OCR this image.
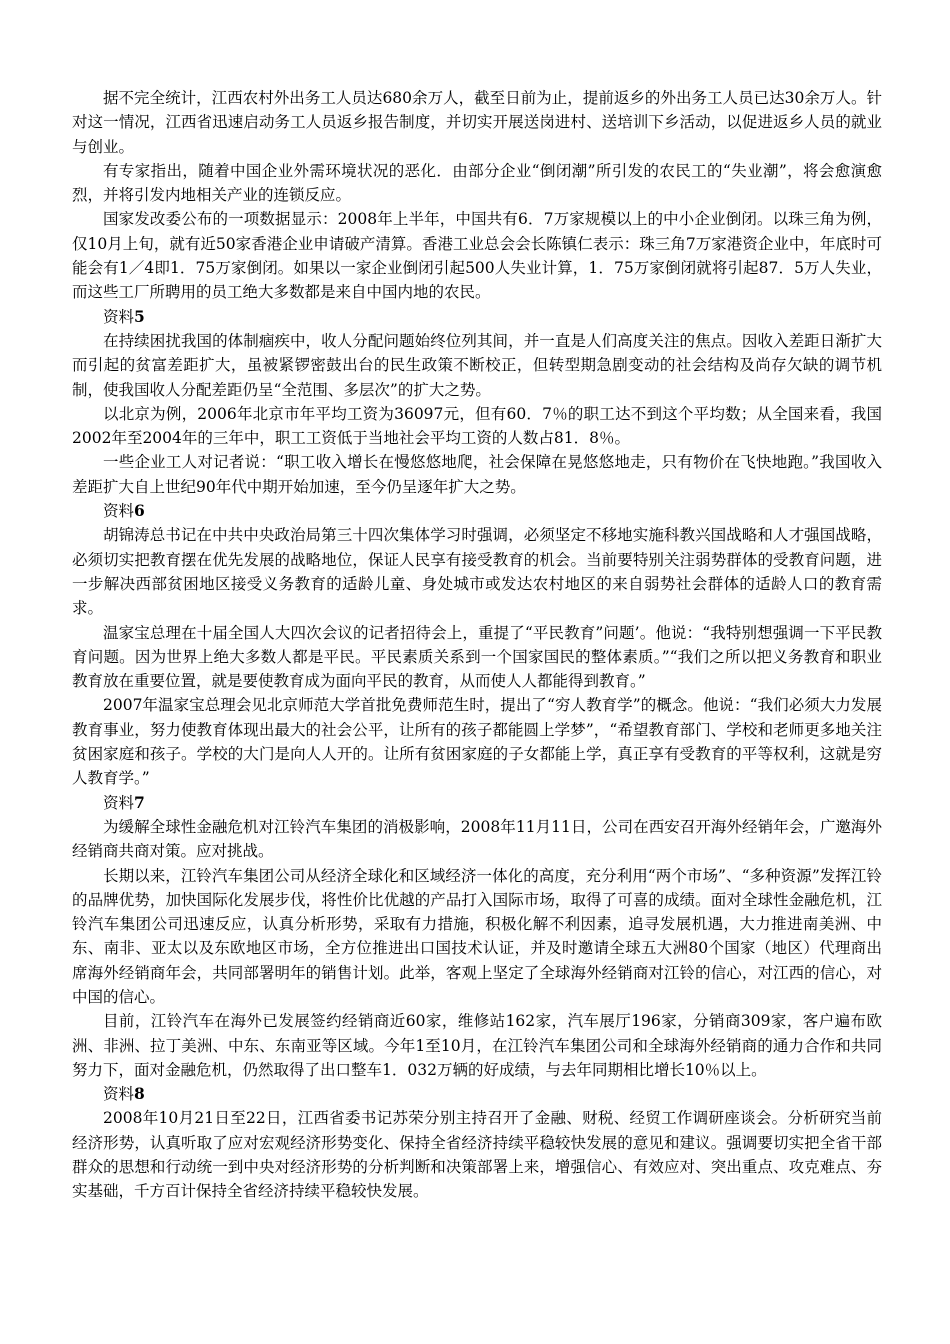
据不完全统计，江西农村外出务工人员达680余万人，截至日前为止，提前返乡的外出务工人员已达30余万人。针对这一情况，江西省迅速启动务工人员返乡报告制度，并切实开展送岗进村、送培训下乡活动，以促进返乡人员的就业与创业。

有专家指出，随着中国企业外需环境状况的恶化．由部分企业“倒闭潮”所引发的农民工的“失业潮”，将会愈演愈烈，并将引发内地相关产业的连锁反应。

国家发改委公布的一项数据显示：2008年上半年，中国共有6．7万家规模以上的中小企业倒闭。以珠三角为例，仅10月上旬，就有近50家香港企业申请破产清算。香港工业总会会长陈镇仁表示：珠三角7万家港资企业中，年底时可能会有1／4即1．75万家倒闭。如果以一家企业倒闭引起500人失业计算，1．75万家倒闭就将引起87．5万人失业，而这些工厂所聘用的员工绝大多数都是来自中国内地的农民。

资料5

在持续困扰我国的体制痼疾中，收人分配问题始终位列其间，并一直是人们高度关注的焦点。因收入差距日渐扩大而引起的贫富差距扩大，虽被紧锣密鼓出台的民生政策不断校正，但转型期急剧变动的社会结构及尚存欠缺的调节机制，使我国收人分配差距仍呈“全范围、多层次”的扩大之势。

以北京为例，2006年北京市年平均工资为36097元，但有60．7％的职工达不到这个平均数；从全国来看，我国2002年至2004年的三年中，职工工资低于当地社会平均工资的人数占81．8％。

一些企业工人对记者说：“职工收入增长在慢悠悠地爬，社会保障在晃悠悠地走，只有物价在飞快地跑。”我国收入差距扩大自上世纪90年代中期开始加速，至今仍呈逐年扩大之势。

资料6

胡锦涛总书记在中共中央政治局第三十四次集体学习时强调，必须坚定不移地实施科教兴国战略和人才强国战略，必须切实把教育摆在优先发展的战略地位，保证人民享有接受教育的机会。当前要特别关注弱势群体的受教育问题，进一步解决西部贫困地区接受义务教育的适龄儿童、身处城市或发达农村地区的来自弱势社会群体的适龄人口的教育需求。

温家宝总理在十届全国人大四次会议的记者招待会上，重提了“平民教育”问题’。他说：“我特别想强调一下平民教育问题。因为世界上绝大多数人都是平民。平民素质关系到一个国家国民的整体素质。”“我们之所以把义务教育和职业教育放在重要位置，就是要使教育成为面向平民的教育，从而使人人都能得到教育。”

2007年温家宝总理会见北京师范大学首批免费师范生时，提出了“穷人教育学”的概念。他说：“我们必须大力发展教育事业，努力使教育体现出最大的社会公平，让所有的孩子都能圆上学梦”，“希望教育部门、学校和老师更多地关注贫困家庭和孩子。学校的大门是向人人开的。让所有贫困家庭的子女都能上学，真正享有受教育的平等权利，这就是穷人教育学。”

资料7

为缓解全球性金融危机对江铃汽车集团的消极影响，2008年11月11日，公司在西安召开海外经销年会，广邀海外经销商共商对策。应对挑战。

长期以来，江铃汽车集团公司从经济全球化和区域经济一体化的高度，充分利用“两个市场”、“多种资源”发挥江铃的品牌优势，加快国际化发展步伐，将性价比优越的产品打入国际市场，取得了可喜的成绩。面对全球性金融危机，江铃汽车集团公司迅速反应，认真分析形势，采取有力措施，积极化解不利因素，追寻发展机遇，大力推进南美洲、中东、南非、亚太以及东欧地区市场，全方位推进出口国技术认证，并及时邀请全球五大洲80个国家（地区）代理商出席海外经销商年会，共同部署明年的销售计划。此举，客观上坚定了全球海外经销商对江铃的信心，对江西的信心，对中国的信心。

目前，江铃汽车在海外已发展签约经销商近60家，维修站162家，汽车展厅196家，分销商309家，客户遍布欧洲、非洲、拉丁美洲、中东、东南亚等区域。今年1至10月，在江铃汽车集团公司和全球海外经销商的通力合作和共同努力下，面对金融危机，仍然取得了出口整车1．032万辆的好成绩，与去年同期相比增长10％以上。

资料8

2008年10月21日至22日，江西省委书记苏荣分别主持召开了金融、财税、经贸工作调研座谈会。分析研究当前经济形势，认真听取了应对宏观经济形势变化、保持全省经济持续平稳较快发展的意见和建议。强调要切实把全省干部群众的思想和行动统一到中央对经济形势的分析判断和决策部署上来，增强信心、有效应对、突出重点、攻克难点、夯实基础，千方百计保持全省经济持续平稳较快发展。
